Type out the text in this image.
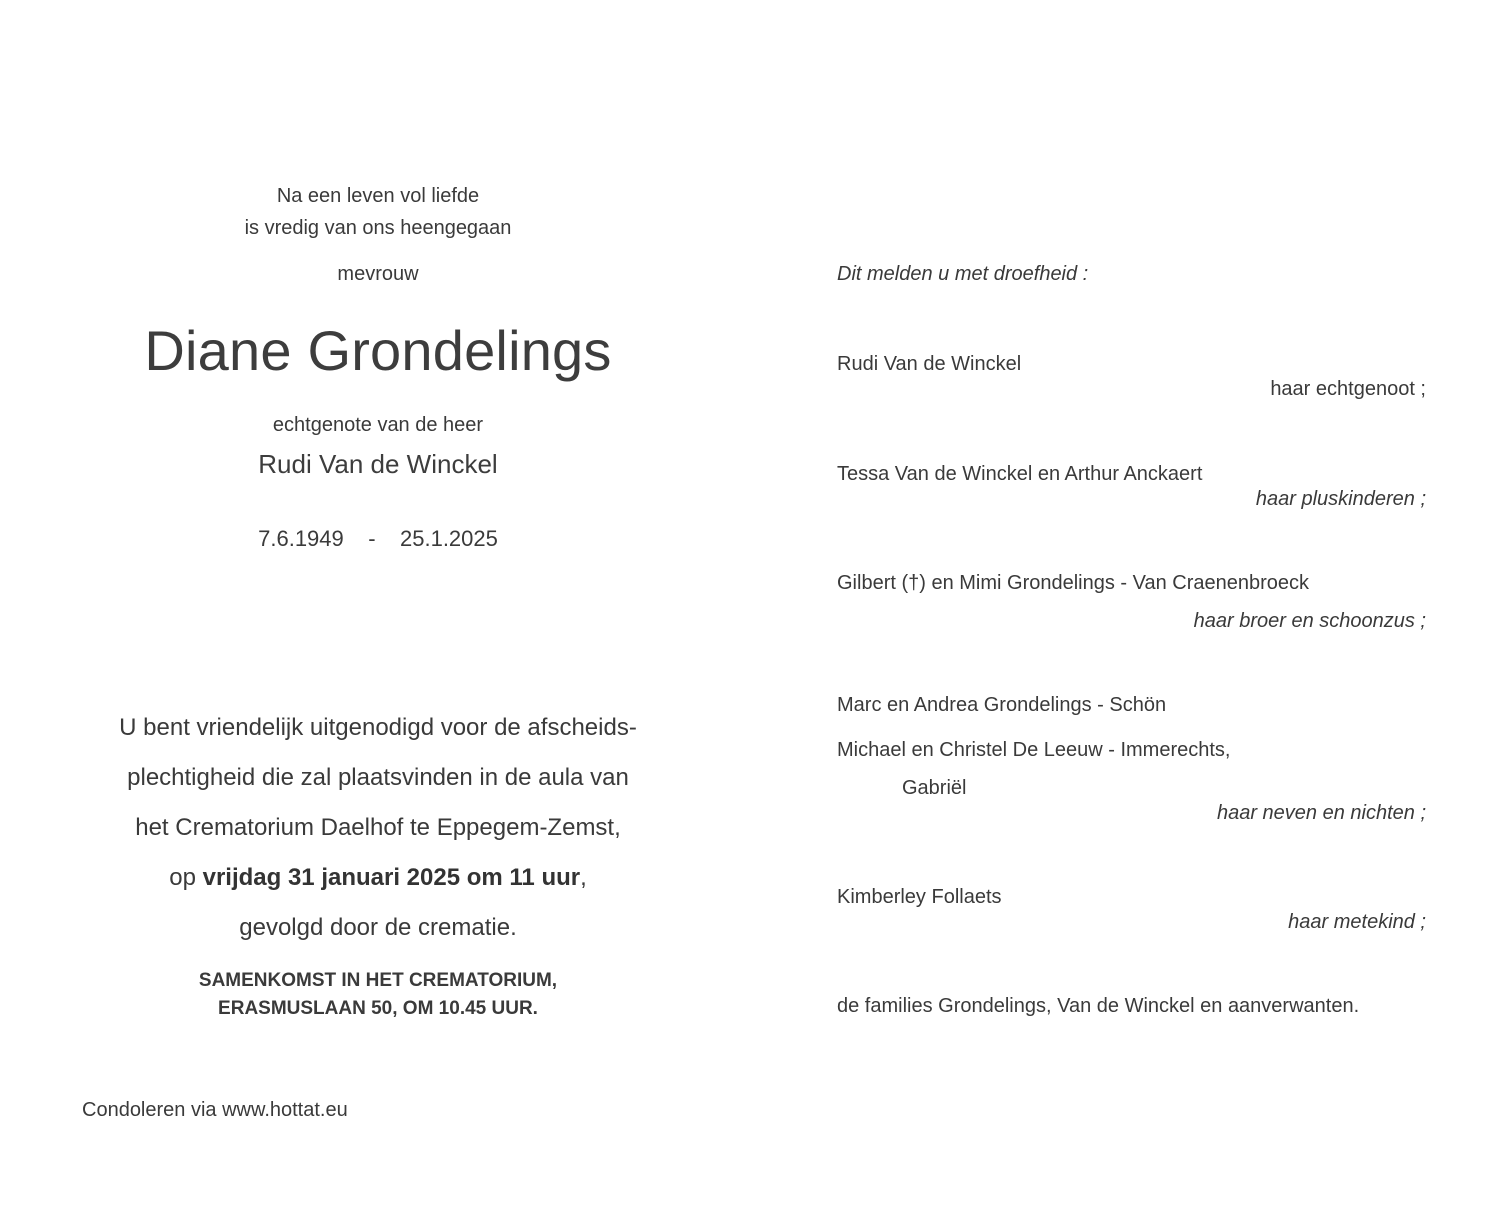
Na een leven vol liefde
is vredig van ons heengegaan
mevrouw
Diane Grondelings
echtgenote van de heer
Rudi Van de Winckel
7.6.1949 - 25.1.2025
U bent vriendelijk uitgenodigd voor de afscheids-
plechtigheid die zal plaatsvinden in de aula van
het Crematorium Daelhof te Eppegem-Zemst,
op vrijdag 31 januari 2025 om 11 uur,
gevolgd door de crematie.
SAMENKOMST IN HET CREMATORIUM,
ERASMUSLAAN 50, OM 10.45 UUR.
Condoleren via www.hottat.eu
Dit melden u met droefheid :
Rudi Van de Winckel
haar echtgenoot ;
Tessa Van de Winckel en Arthur Anckaert
haar pluskinderen ;
Gilbert (†) en Mimi Grondelings - Van Craenenbroeck
haar broer en schoonzus ;
Marc en Andrea Grondelings - Schön
Michael en Christel De Leeuw - Immerechts,
Gabriël
haar neven en nichten ;
Kimberley Follaets
haar metekind ;
de families Grondelings, Van de Winckel en aanverwanten.
